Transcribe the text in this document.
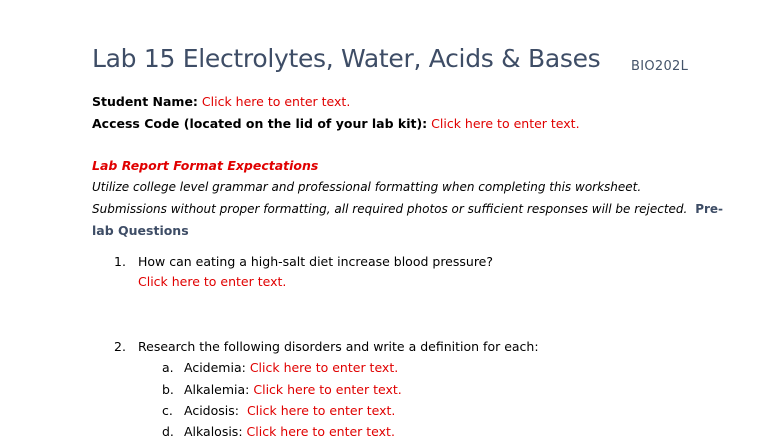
Lab 15 Electrolytes, Water, Acids & Bases BIO202L
Student Name: Click here to enter text.
Access Code (located on the lid of your lab kit): Click here to enter text.
Lab Report Format Expectations
Utilize college level grammar and professional formatting when completing this worksheet.
Submissions without proper formatting, all required photos or sufficient responses will be rejected. Pre-
lab Questions
1. How can eating a high-salt diet increase blood pressure?
Click here to enter text.
2. Research the following disorders and write a definition for each:
a. Acidemia: Click here to enter text.
b. Alkalemia: Click here to enter text.
c. Acidosis: Click here to enter text.
d. Alkalosis: Click here to enter text.
